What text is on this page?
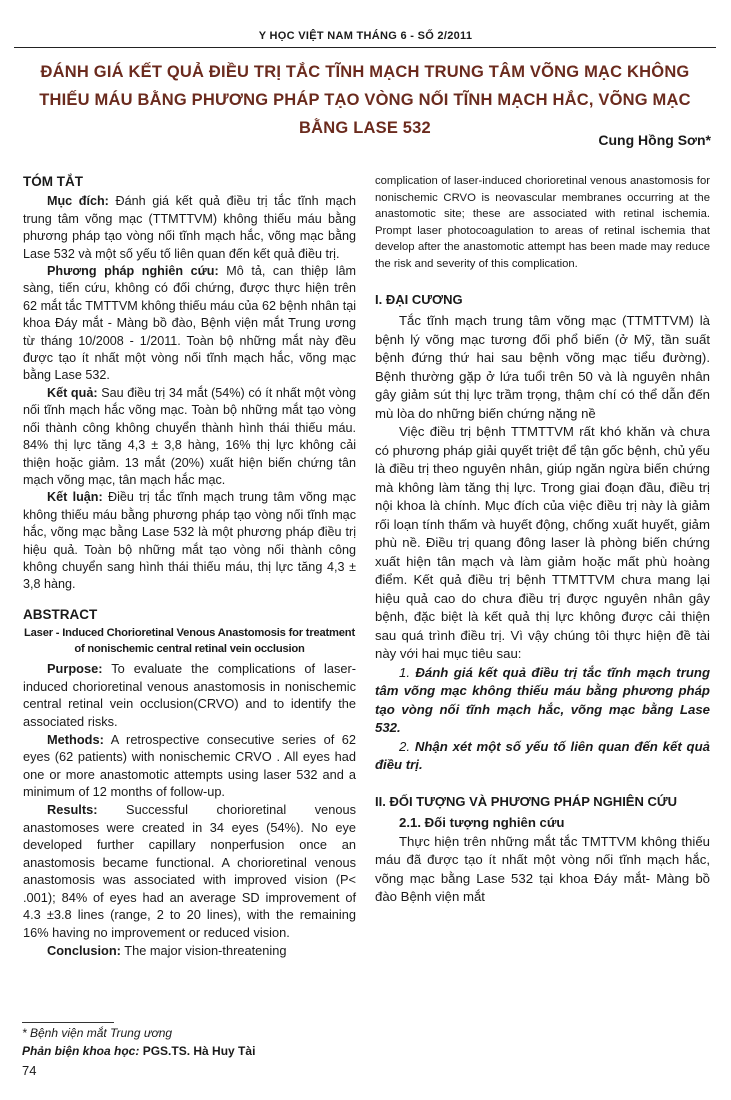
Y HỌC VIỆT NAM THÁNG 6 - SỐ 2/2011
ĐÁNH GIÁ KẾT QUẢ ĐIỀU TRỊ TẮC TĨNH MẠCH TRUNG TÂM VÕNG MẠC KHÔNG THIẾU MÁU BẰNG PHƯƠNG PHÁP TẠO VÒNG NỐI TĨNH MẠCH HẮC, VÕNG MẠC BẰNG LASE 532
Cung Hồng Sơn*
TÓM TẮT

Mục đích: Đánh giá kết quả điều trị tắc tĩnh mạch trung tâm võng mạc (TTMTTVM) không thiếu máu bằng phương pháp tạo vòng nối tĩnh mạch hắc, võng mạc bằng Lase 532 và một số yếu tố liên quan đến kết quả điều trị.

Phương pháp nghiên cứu: Mô tả, can thiệp lâm sàng, tiến cứu, không có đối chứng, được thực hiện trên 62 mắt tắc TMTTVM không thiếu máu của 62 bệnh nhân tại khoa Đáy mắt - Màng bồ đào, Bệnh viện mắt Trung ương từ tháng 10/2008 - 1/2011. Toàn bộ những mắt này đều được tạo ít nhất một vòng nối tĩnh mạch hắc, võng mạc bằng Lase 532.

Kết quả: Sau điều trị 34 mắt (54%) có ít nhất một vòng nối tĩnh mạch hắc võng mạc. Toàn bộ những mắt tạo vòng nối thành công không chuyển thành hình thái thiếu máu. 84% thị lực tăng 4,3 ± 3,8 hàng, 16% thị lực không cải thiện hoặc giảm. 13 mắt (20%) xuất hiện biến chứng tân mạch võng mạc, tân mạch hắc mạc.

Kết luận: Điều trị tắc tĩnh mạch trung tâm võng mạc không thiếu máu bằng phương pháp tạo vòng nối tĩnh mạc hắc, võng mạc bằng Lase 532 là một phương pháp điều trị hiệu quả. Toàn bộ những mắt tạo vòng nối thành công không chuyển sang hình thái thiếu máu, thị lực tăng 4,3 ± 3,8 hàng.

ABSTRACT
Laser - Induced Chorioretinal Venous Anastomosis for treatment of nonischemic central retinal vein occlusion

Purpose: To evaluate the complications of laser-induced chorioretinal venous anastomosis in nonischemic central retinal vein occlusion(CRVO) and to identify the associated risks.

Methods: A retrospective consecutive series of 62 eyes (62 patients) with nonischemic CRVO . All eyes had one or more anastomotic attempts using laser 532 and a minimum of 12 months of follow-up.

Results: Successful chorioretinal venous anastomoses were created in 34 eyes (54%). No eye developed further capillary nonperfusion once an anastomosis became functional. A chorioretinal venous anastomosis was associated with improved vision (P< .001); 84% of eyes had an average SD improvement of 4.3 ±3.8 lines (range, 2 to 20 lines), with the remaining 16% having no improvement or reduced vision.

Conclusion: The major vision-threatening

complication of laser-induced chorioretinal venous anastomosis for nonischemic CRVO is neovascular membranes occurring at the anastomotic site; these are associated with retinal ischemia. Prompt laser photocoagulation to areas of retinal ischemia that develop after the anastomotic attempt has been made may reduce the risk and severity of this complication.

I. ĐẠI CƯƠNG

Tắc tĩnh mạch trung tâm võng mạc (TTMTTVM) là bệnh lý võng mạc tương đối phổ biến (ở Mỹ, tần suất bệnh đứng thứ hai sau bệnh võng mạc tiểu đường). Bệnh thường gặp ở lứa tuổi trên 50 và là nguyên nhân gây giảm sút thị lực trầm trọng, thậm chí có thể dẫn đến mù lòa do những biến chứng nặng nề

Việc điều trị bệnh TTMTTVM rất khó khăn và chưa có phương pháp giải quyết triệt để tận gốc bệnh, chủ yếu là điều trị theo nguyên nhân, giúp ngăn ngừa biến chứng mà không làm tăng thị lực. Trong giai đoạn đầu, điều trị nội khoa là chính. Mục đích của việc điều trị này là giảm rối loạn tính thấm và huyết động, chống xuất huyết, giảm phù nề. Điều trị quang đông laser là phòng biến chứng xuất hiện tân mạch và làm giảm hoặc mất phù hoàng điểm. Kết quả điều trị bệnh TTMTTVM chưa mang lại hiệu quả cao do chưa điều trị được nguyên nhân gây bệnh, đặc biệt là kết quả thị lực không được cải thiện sau quá trình điều trị. Vì vậy chúng tôi thực hiện đề tài này với hai mục tiêu sau:

1. Đánh giá kết quả điều trị tắc tĩnh mạch trung tâm võng mạc không thiếu máu bằng phương pháp tạo vòng nối tĩnh mạch hắc, võng mạc bằng Lase 532.

2. Nhận xét một số yếu tố liên quan đến kết quả điều trị.

II. ĐỐI TƯỢNG VÀ PHƯƠNG PHÁP NGHIÊN CỨU

2.1. Đối tượng nghiên cứu

Thực hiện trên những mắt tắc TMTTVM không thiếu máu đã được tạo ít nhất một vòng nối tĩnh mạch hắc, võng mạc bằng Lase 532 tại khoa Đáy mắt- Màng bồ đào Bệnh viện mắt

* Bệnh viện mắt Trung ương
Phản biện khoa học: PGS.TS. Hà Huy Tài
74
